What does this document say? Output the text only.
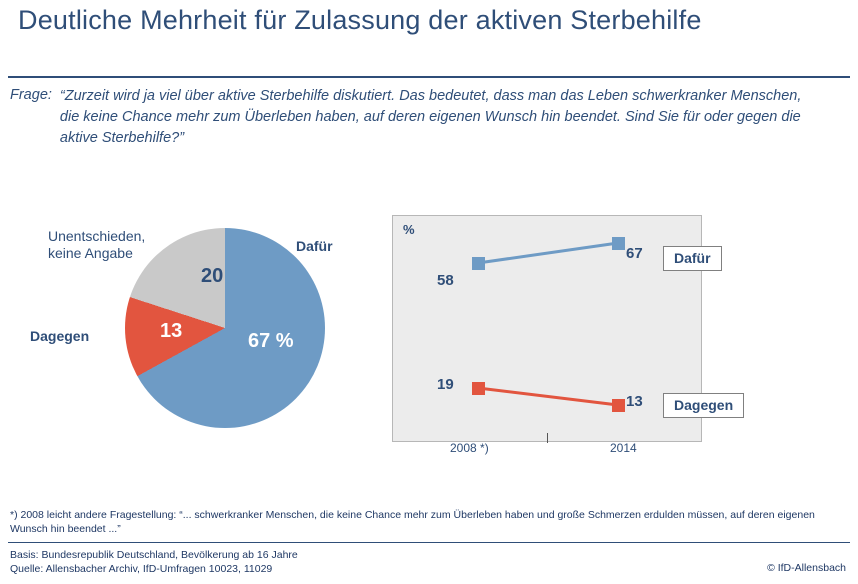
Deutliche Mehrheit für Zulassung der aktiven Sterbehilfe
Frage: “Zurzeit wird ja viel über aktive Sterbehilfe diskutiert. Das bedeutet, dass man das Leben schwerkranker Menschen, die keine Chance mehr zum Überleben haben, auf deren eigenen Wunsch hin beendet. Sind Sie für oder gegen die aktive Sterbehilfe?”
67 %
13
20
Dafür
Dagegen
Unentschieden,
keine Angabe
%
58
67
19
13
2008 *)	2014
Dafür
Dagegen
*) 2008 leicht andere Fragestellung: “... schwerkranker Menschen, die keine Chance mehr zum Überleben haben und große Schmerzen erdulden müssen, auf deren eigenen Wunsch hin beendet ...”
Basis: Bundesrepublik Deutschland, Bevölkerung ab 16 Jahre
Quelle: Allensbacher Archiv, IfD-Umfragen 10023, 11029	© IfD-Allensbach
